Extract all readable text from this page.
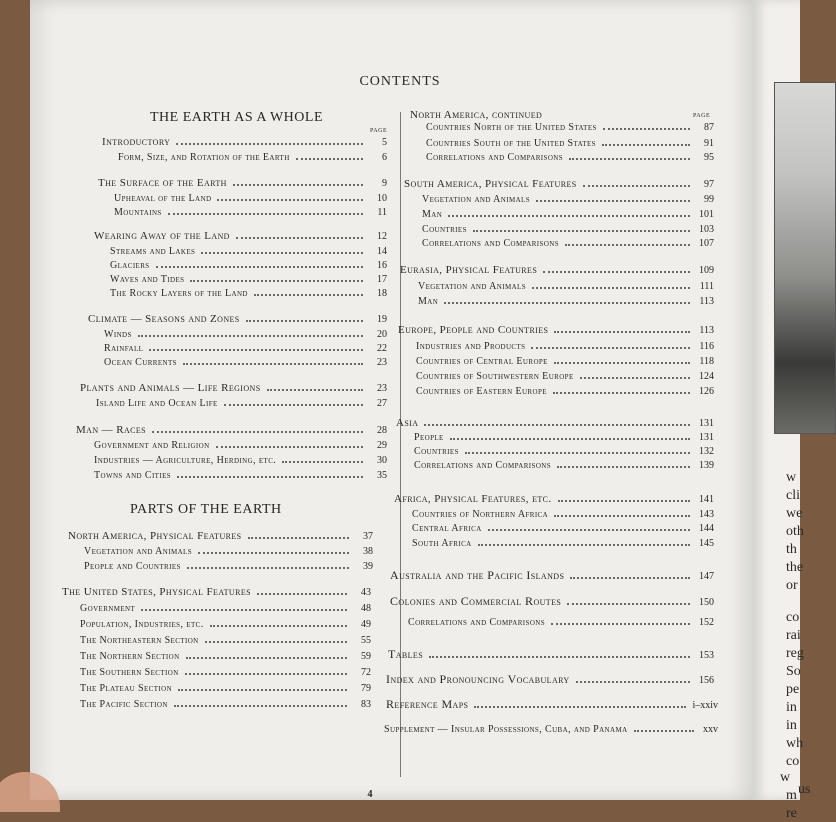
w
cli
we
oth
th
the
or
co
rai
reg
So
pe
in
in
wh
co
m
re
w
us
CONTENTS
THE EARTH AS A WHOLE
PAGE
Introductory	5
Form, Size, and Rotation of the Earth	6
The Surface of the Earth	9
Upheaval of the Land	10
Mountains	11
Wearing Away of the Land	12
Streams and Lakes	14
Glaciers	16
Waves and Tides	17
The Rocky Layers of the Land	18
Climate — Seasons and Zones	19
Winds	20
Rainfall	22
Ocean Currents	23
Plants and Animals — Life Regions	23
Island Life and Ocean Life	27
Man — Races	28
Government and Religion	29
Industries — Agriculture, Herding, etc.	30
Towns and Cities	35
PARTS OF THE EARTH
North America, Physical Features	37
Vegetation and Animals	38
People and Countries	39
The United States, Physical Features	43
Government	48
Population, Industries, etc.	49
The Northeastern Section	55
The Northern Section	59
The Southern Section	72
The Plateau Section	79
The Pacific Section	83
North America, continued	PAGE
Countries North of the United States	87
Countries South of the United States	91
Correlations and Comparisons	95
South America, Physical Features	97
Vegetation and Animals	99
Man	101
Countries	103
Correlations and Comparisons	107
Eurasia, Physical Features	109
Vegetation and Animals	111
Man	113
Europe, People and Countries	113
Industries and Products	116
Countries of Central Europe	118
Countries of Southwestern Europe	124
Countries of Eastern Europe	126
Asia	131
People	131
Countries	132
Correlations and Comparisons	139
Africa, Physical Features, etc.	141
Countries of Northern Africa	143
Central Africa	144
South Africa	145
Australia and the Pacific Islands	147
Colonies and Commercial Routes	150
Correlations and Comparisons	152
Tables	153
Index and Pronouncing Vocabulary	156
Reference Maps	i–xxiv
Supplement — Insular Possessions, Cuba, and Panama	xxv
4
